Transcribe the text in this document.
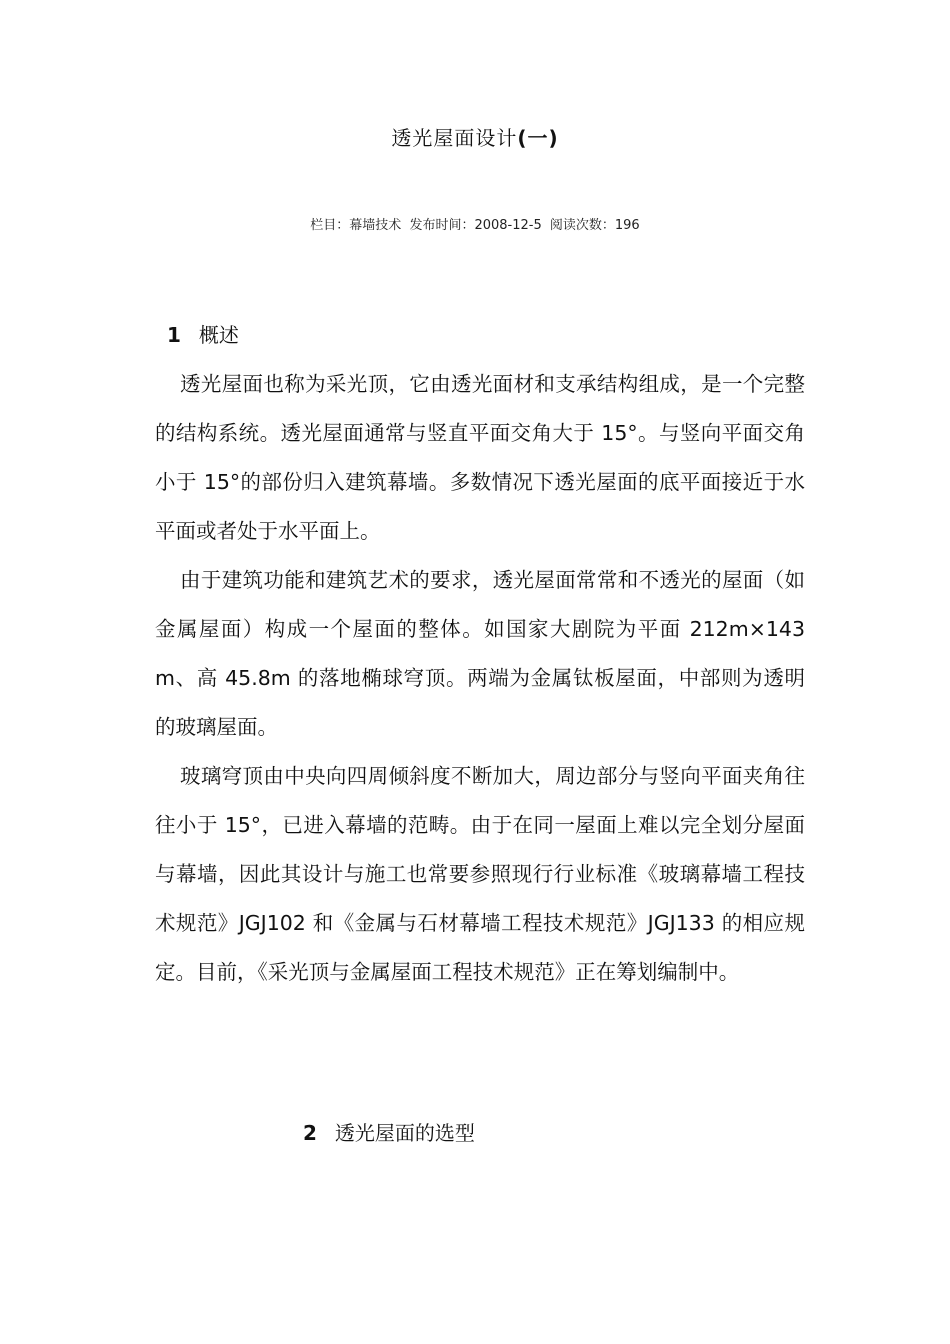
透光屋面设计(一)
栏目：幕墙技术 发布时间：2008-12-5 阅读次数：196
1 概述

透光屋面也称为采光顶，它由透光面材和支承结构组成，是一个完整的结构系统。透光屋面通常与竖直平面交角大于 15°。与竖向平面交角小于 15°的部份归入建筑幕墙。多数情况下透光屋面的底平面接近于水平面或者处于水平面上。

由于建筑功能和建筑艺术的要求，透光屋面常常和不透光的屋面（如金属屋面）构成一个屋面的整体。如国家大剧院为平面 212m×143m、高 45.8m 的落地椭球穹顶。两端为金属钛板屋面，中部则为透明的玻璃屋面。

玻璃穹顶由中央向四周倾斜度不断加大，周边部分与竖向平面夹角往往小于 15°，已进入幕墙的范畴。由于在同一屋面上难以完全划分屋面与幕墙，因此其设计与施工也常要参照现行行业标准《玻璃幕墙工程技术规范》JGJ102 和《金属与石材幕墙工程技术规范》JGJ133 的相应规定。目前，《采光顶与金属屋面工程技术规范》正在筹划编制中。

2 透光屋面的选型
